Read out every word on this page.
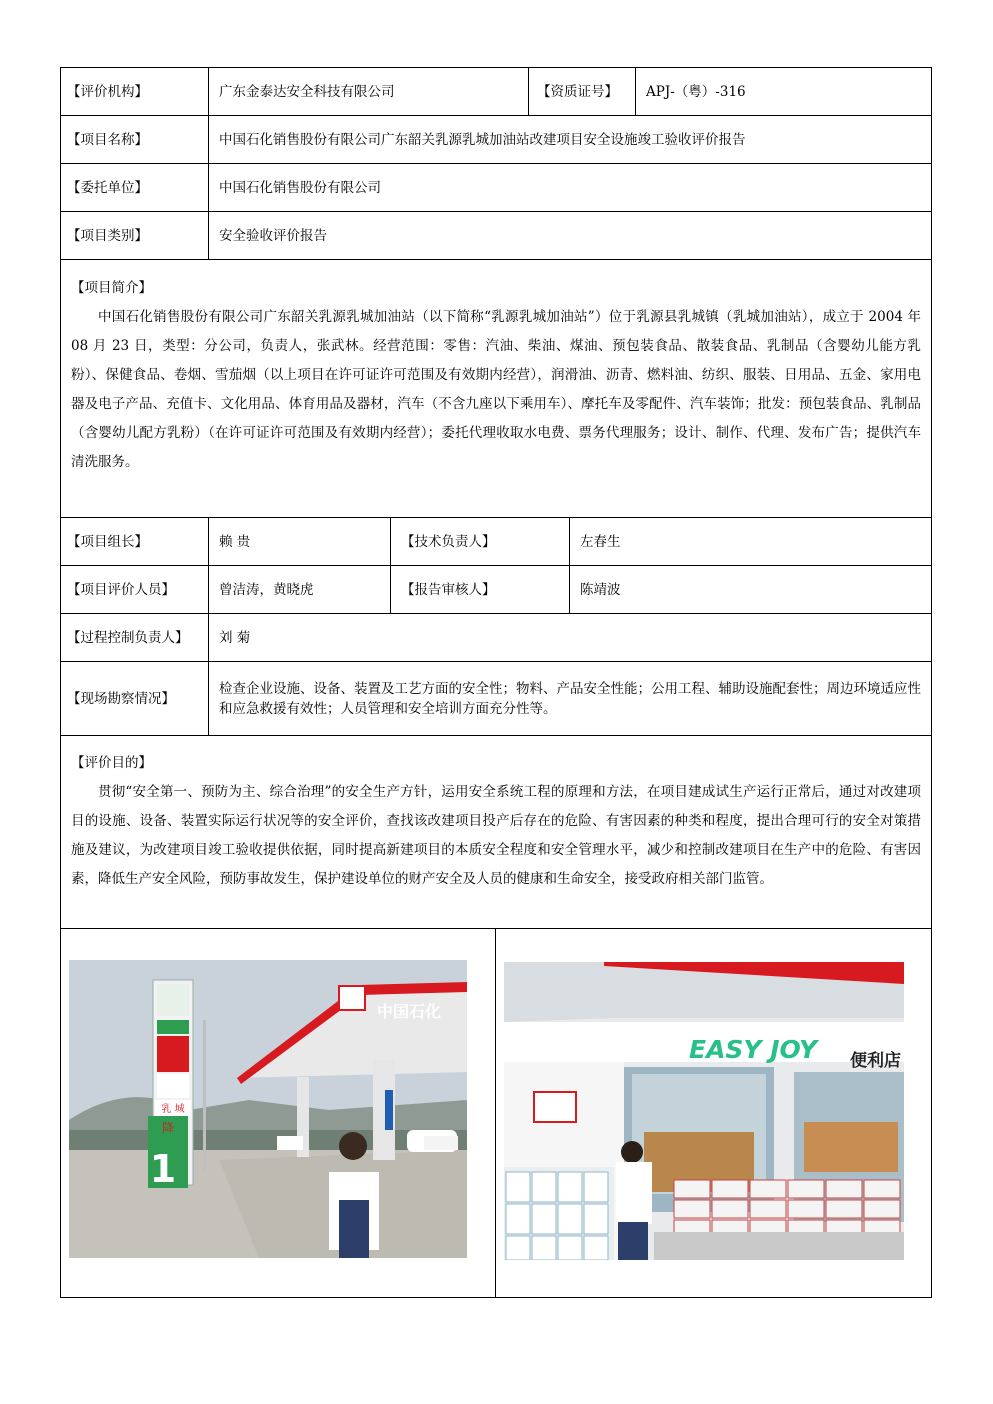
【评价机构】	广东金泰达安全科技有限公司	【资质证号】	APJ-（粤）-316
【项目名称】	中国石化销售股份有限公司广东韶关乳源乳城加油站改建项目安全设施竣工验收评价报告
【委托单位】	中国石化销售股份有限公司
【项目类别】	安全验收评价报告
【项目简介】
中国石化销售股份有限公司广东韶关乳源乳城加油站（以下简称“乳源乳城加油站”）位于乳源县乳城镇（乳城加油站），成立于 2004 年 08 月 23 日，类型：分公司，负责人，张武林。经营范围：零售：汽油、柴油、煤油、预包装食品、散装食品、乳制品（含婴幼儿能方乳粉）、保健食品、卷烟、雪茄烟（以上项目在许可证许可范围及有效期内经营），润滑油、沥青、燃料油、纺织、服装、日用品、五金、家用电器及电子产品、充值卡、文化用品、体育用品及器材，汽车（不含九座以下乘用车）、摩托车及零配件、汽车装饰；批发：预包装食品、乳制品（含婴幼儿配方乳粉）（在许可证许可范围及有效期内经营）；委托代理收取水电费、票务代理服务；设计、制作、代理、发布广告；提供汽车清洗服务。
【项目组长】	赖 贵	【技术负责人】	左春生
【项目评价人员】	曾洁涛，黄晓虎	【报告审核人】	陈靖波
【过程控制负责人】	刘 菊
【现场勘察情况】
检查企业设施、设备、装置及工艺方面的安全性；物料、产品安全性能；公用工程、辅助设施配套性；周边环境适应性和应急救援有效性；人员管理和安全培训方面充分性等。
【评价目的】
贯彻“安全第一、预防为主、综合治理”的安全生产方针，运用安全系统工程的原理和方法，在项目建成试生产运行正常后，通过对改建项目的设施、设备、装置实际运行状况等的安全评价，查找该改建项目投产后存在的危险、有害因素的种类和程度，提出合理可行的安全对策措施及建议，为改建项目竣工验收提供依据，同时提高新建项目的本质安全程度和安全管理水平，减少和控制改建项目在生产中的危险、有害因素，降低生产安全风险，预防事故发生，保护建设单位的财产安全及人员的健康和生命安全，接受政府相关部门监管。
中国石化
乳 城
降
1
EASY JOY 便利店
